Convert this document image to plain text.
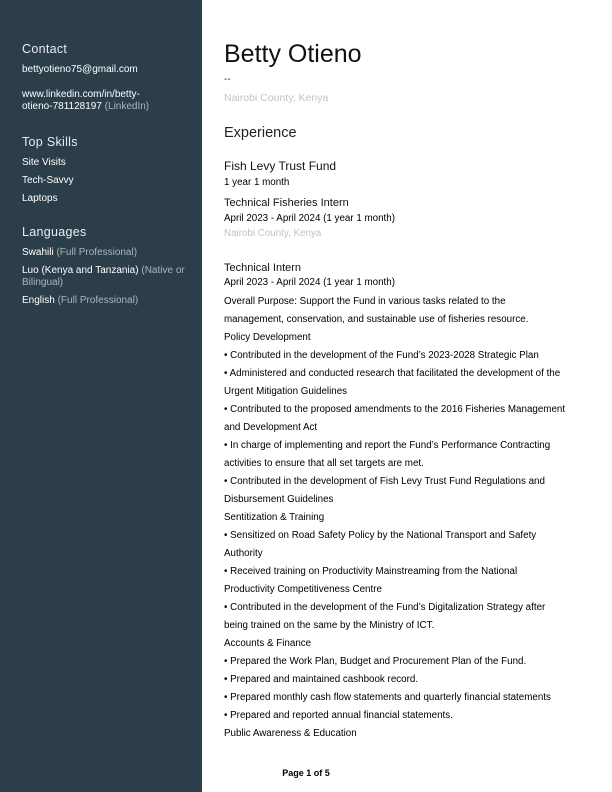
Contact
bettyotieno75@gmail.com
www.linkedin.com/in/betty-
otieno-781128197 (LinkedIn)
Top Skills
Site Visits
Tech-Savvy
Laptops
Languages
Swahili (Full Professional)
Luo (Kenya and Tanzania) (Native or
Bilingual)
English (Full Professional)
Betty Otieno
--
Nairobi County, Kenya
Experience
Fish Levy Trust Fund
1 year 1 month
Technical Fisheries Intern
April 2023 - April 2024 (1 year 1 month)
Nairobi County, Kenya
Technical Intern
April 2023 - April 2024 (1 year 1 month)
Overall Purpose: Support the Fund in various tasks related to the
management, conservation, and sustainable use of fisheries resource.
Policy Development
• Contributed in the development of the Fund’s 2023-2028 Strategic Plan
• Administered and conducted research that facilitated the development of the
Urgent Mitigation Guidelines
• Contributed to the proposed amendments to the 2016 Fisheries Management
and Development Act
• In charge of implementing and report the Fund’s Performance Contracting
activities to ensure that all set targets are met.
• Contributed in the development of Fish Levy Trust Fund Regulations and
Disbursement Guidelines
Sentitization & Training
• Sensitized on Road Safety Policy by the National Transport and Safety
Authority
• Received training on Productivity Mainstreaming from the National
Productivity Competitiveness Centre
• Contributed in the development of the Fund’s Digitalization Strategy after
being trained on the same by the Ministry of ICT.
Accounts & Finance
• Prepared the Work Plan, Budget and Procurement Plan of the Fund.
• Prepared and maintained cashbook record.
• Prepared monthly cash flow statements and quarterly financial statements
• Prepared and reported annual financial statements.
Public Awareness & Education
Page 1 of 5
